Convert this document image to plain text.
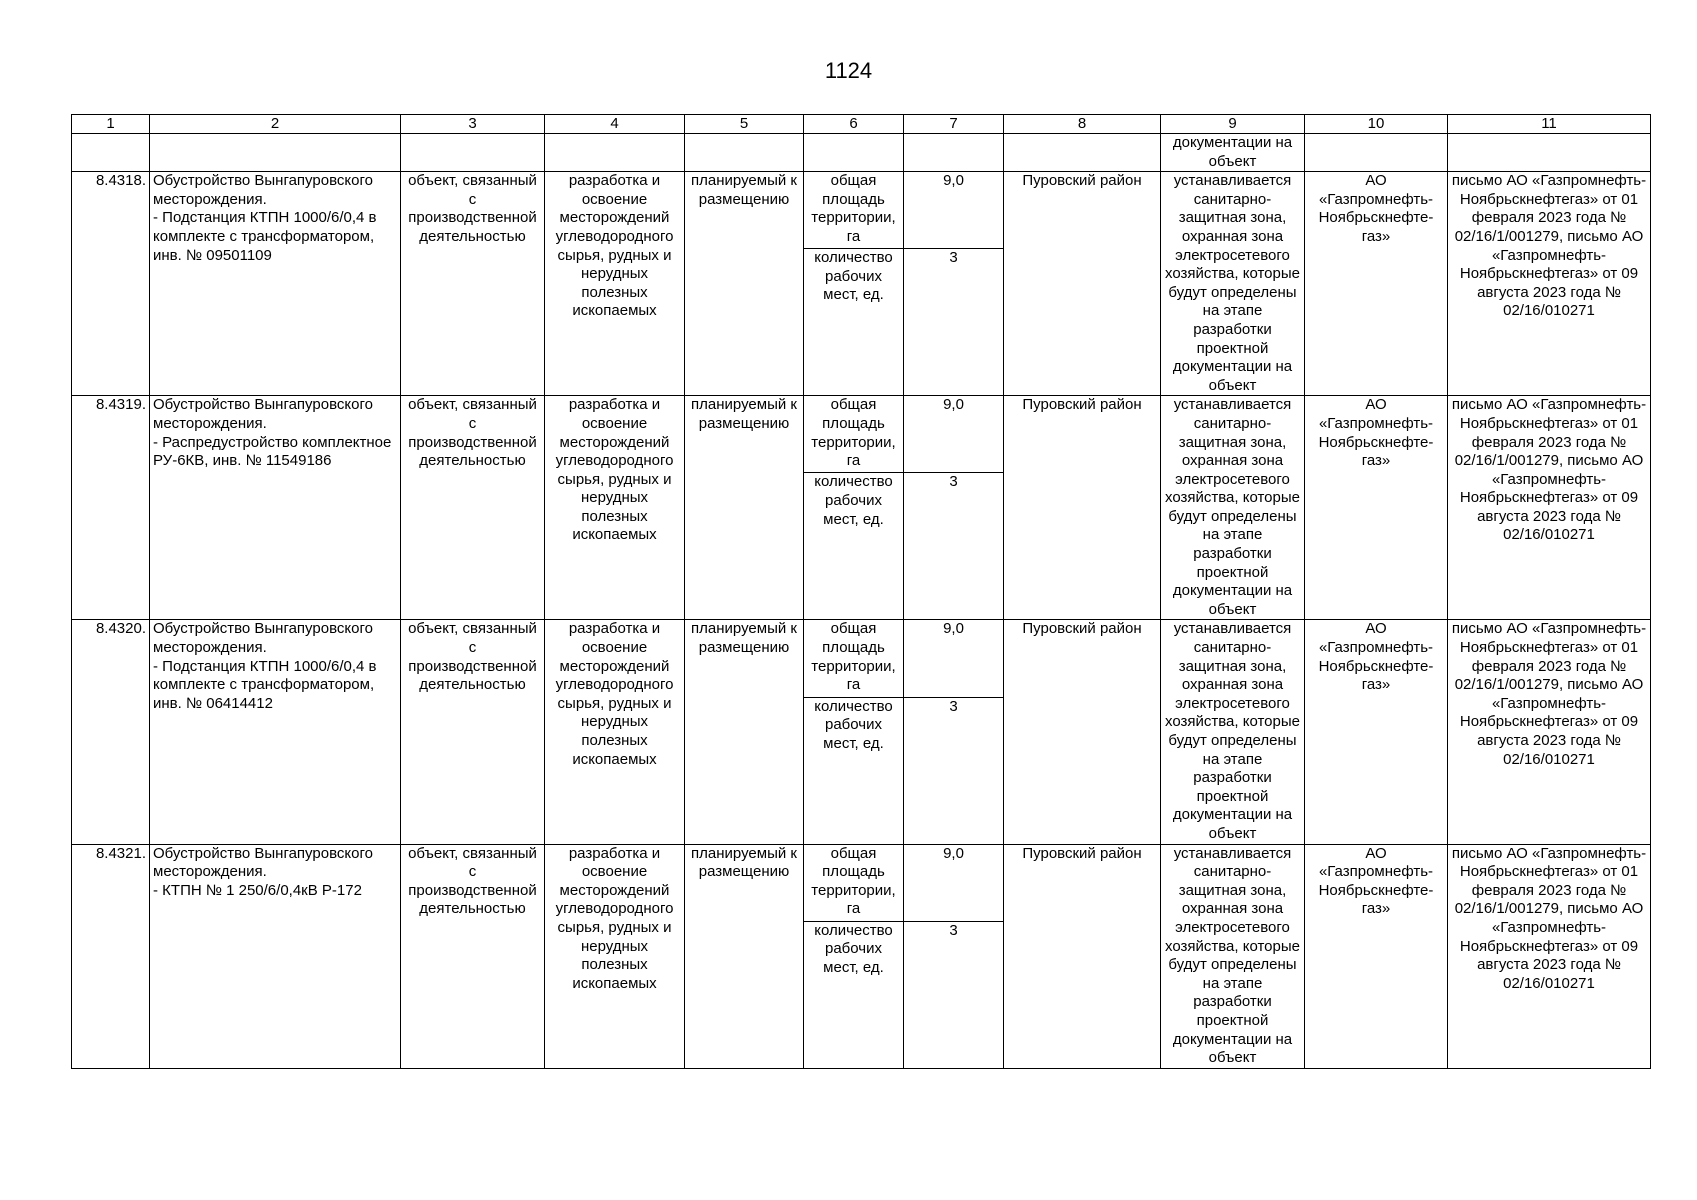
1124
1	2	3	4	5	6	7	8	9	10	11
								документации на объект		
8.4318.	Обустройство Вынгапуровского месторождения.
- Подстанция КТПН 1000/6/0,4 в комплекте с трансформатором, инв. № 09501109	объект, связанный с производственной деятельностью	разработка и освоение месторождений углеводородного сырья, рудных и нерудных полезных ископаемых	планируемый к размещению	общая площадь территории, га	9,0	Пуровский район	устанавливается санитарно-защитная зона, охранная зона электросетевого хозяйства, которые будут определены на этапе разработки проектной документации на объект	АО «Газпромнефть-Ноябрьскнефте-газ»	письмо АО «Газпромнефть-Ноябрьскнефтегаз» от 01 февраля 2023 года № 02/16/1/001279, письмо АО «Газпромнефть-Ноябрьскнефтегаз» от 09 августа 2023 года № 02/16/010271
					количество рабочих мест, ед.	3				
8.4319.	Обустройство Вынгапуровского месторождения.
- Распредустройство комплектное РУ-6КВ, инв. № 11549186	объект, связанный с производственной деятельностью	разработка и освоение месторождений углеводородного сырья, рудных и нерудных полезных ископаемых	планируемый к размещению	общая площадь территории, га	9,0	Пуровский район	устанавливается санитарно-защитная зона, охранная зона электросетевого хозяйства, которые будут определены на этапе разработки проектной документации на объект	АО «Газпромнефть-Ноябрьскнефте-газ»	письмо АО «Газпромнефть-Ноябрьскнефтегаз» от 01 февраля 2023 года № 02/16/1/001279, письмо АО «Газпромнефть-Ноябрьскнефтегаз» от 09 августа 2023 года № 02/16/010271
					количество рабочих мест, ед.	3				
8.4320.	Обустройство Вынгапуровского месторождения.
- Подстанция КТПН 1000/6/0,4 в комплекте с трансформатором, инв. № 06414412	объект, связанный с производственной деятельностью	разработка и освоение месторождений углеводородного сырья, рудных и нерудных полезных ископаемых	планируемый к размещению	общая площадь территории, га	9,0	Пуровский район	устанавливается санитарно-защитная зона, охранная зона электросетевого хозяйства, которые будут определены на этапе разработки проектной документации на объект	АО «Газпромнефть-Ноябрьскнефте-газ»	письмо АО «Газпромнефть-Ноябрьскнефтегаз» от 01 февраля 2023 года № 02/16/1/001279, письмо АО «Газпромнефть-Ноябрьскнефтегаз» от 09 августа 2023 года № 02/16/010271
					количество рабочих мест, ед.	3				
8.4321.	Обустройство Вынгапуровского месторождения.
- КТПН № 1 250/6/0,4кВ Р-172	объект, связанный с производственной деятельностью	разработка и освоение месторождений углеводородного сырья, рудных и нерудных полезных ископаемых	планируемый к размещению	общая площадь территории, га	9,0	Пуровский район	устанавливается санитарно-защитная зона, охранная зона электросетевого хозяйства, которые будут определены на этапе разработки проектной документации на объект	АО «Газпромнефть-Ноябрьскнефте-газ»	письмо АО «Газпромнефть-Ноябрьскнефтегаз» от 01 февраля 2023 года № 02/16/1/001279, письмо АО «Газпромнефть-Ноябрьскнефтегаз» от 09 августа 2023 года № 02/16/010271
					количество рабочих мест, ед.	3				
